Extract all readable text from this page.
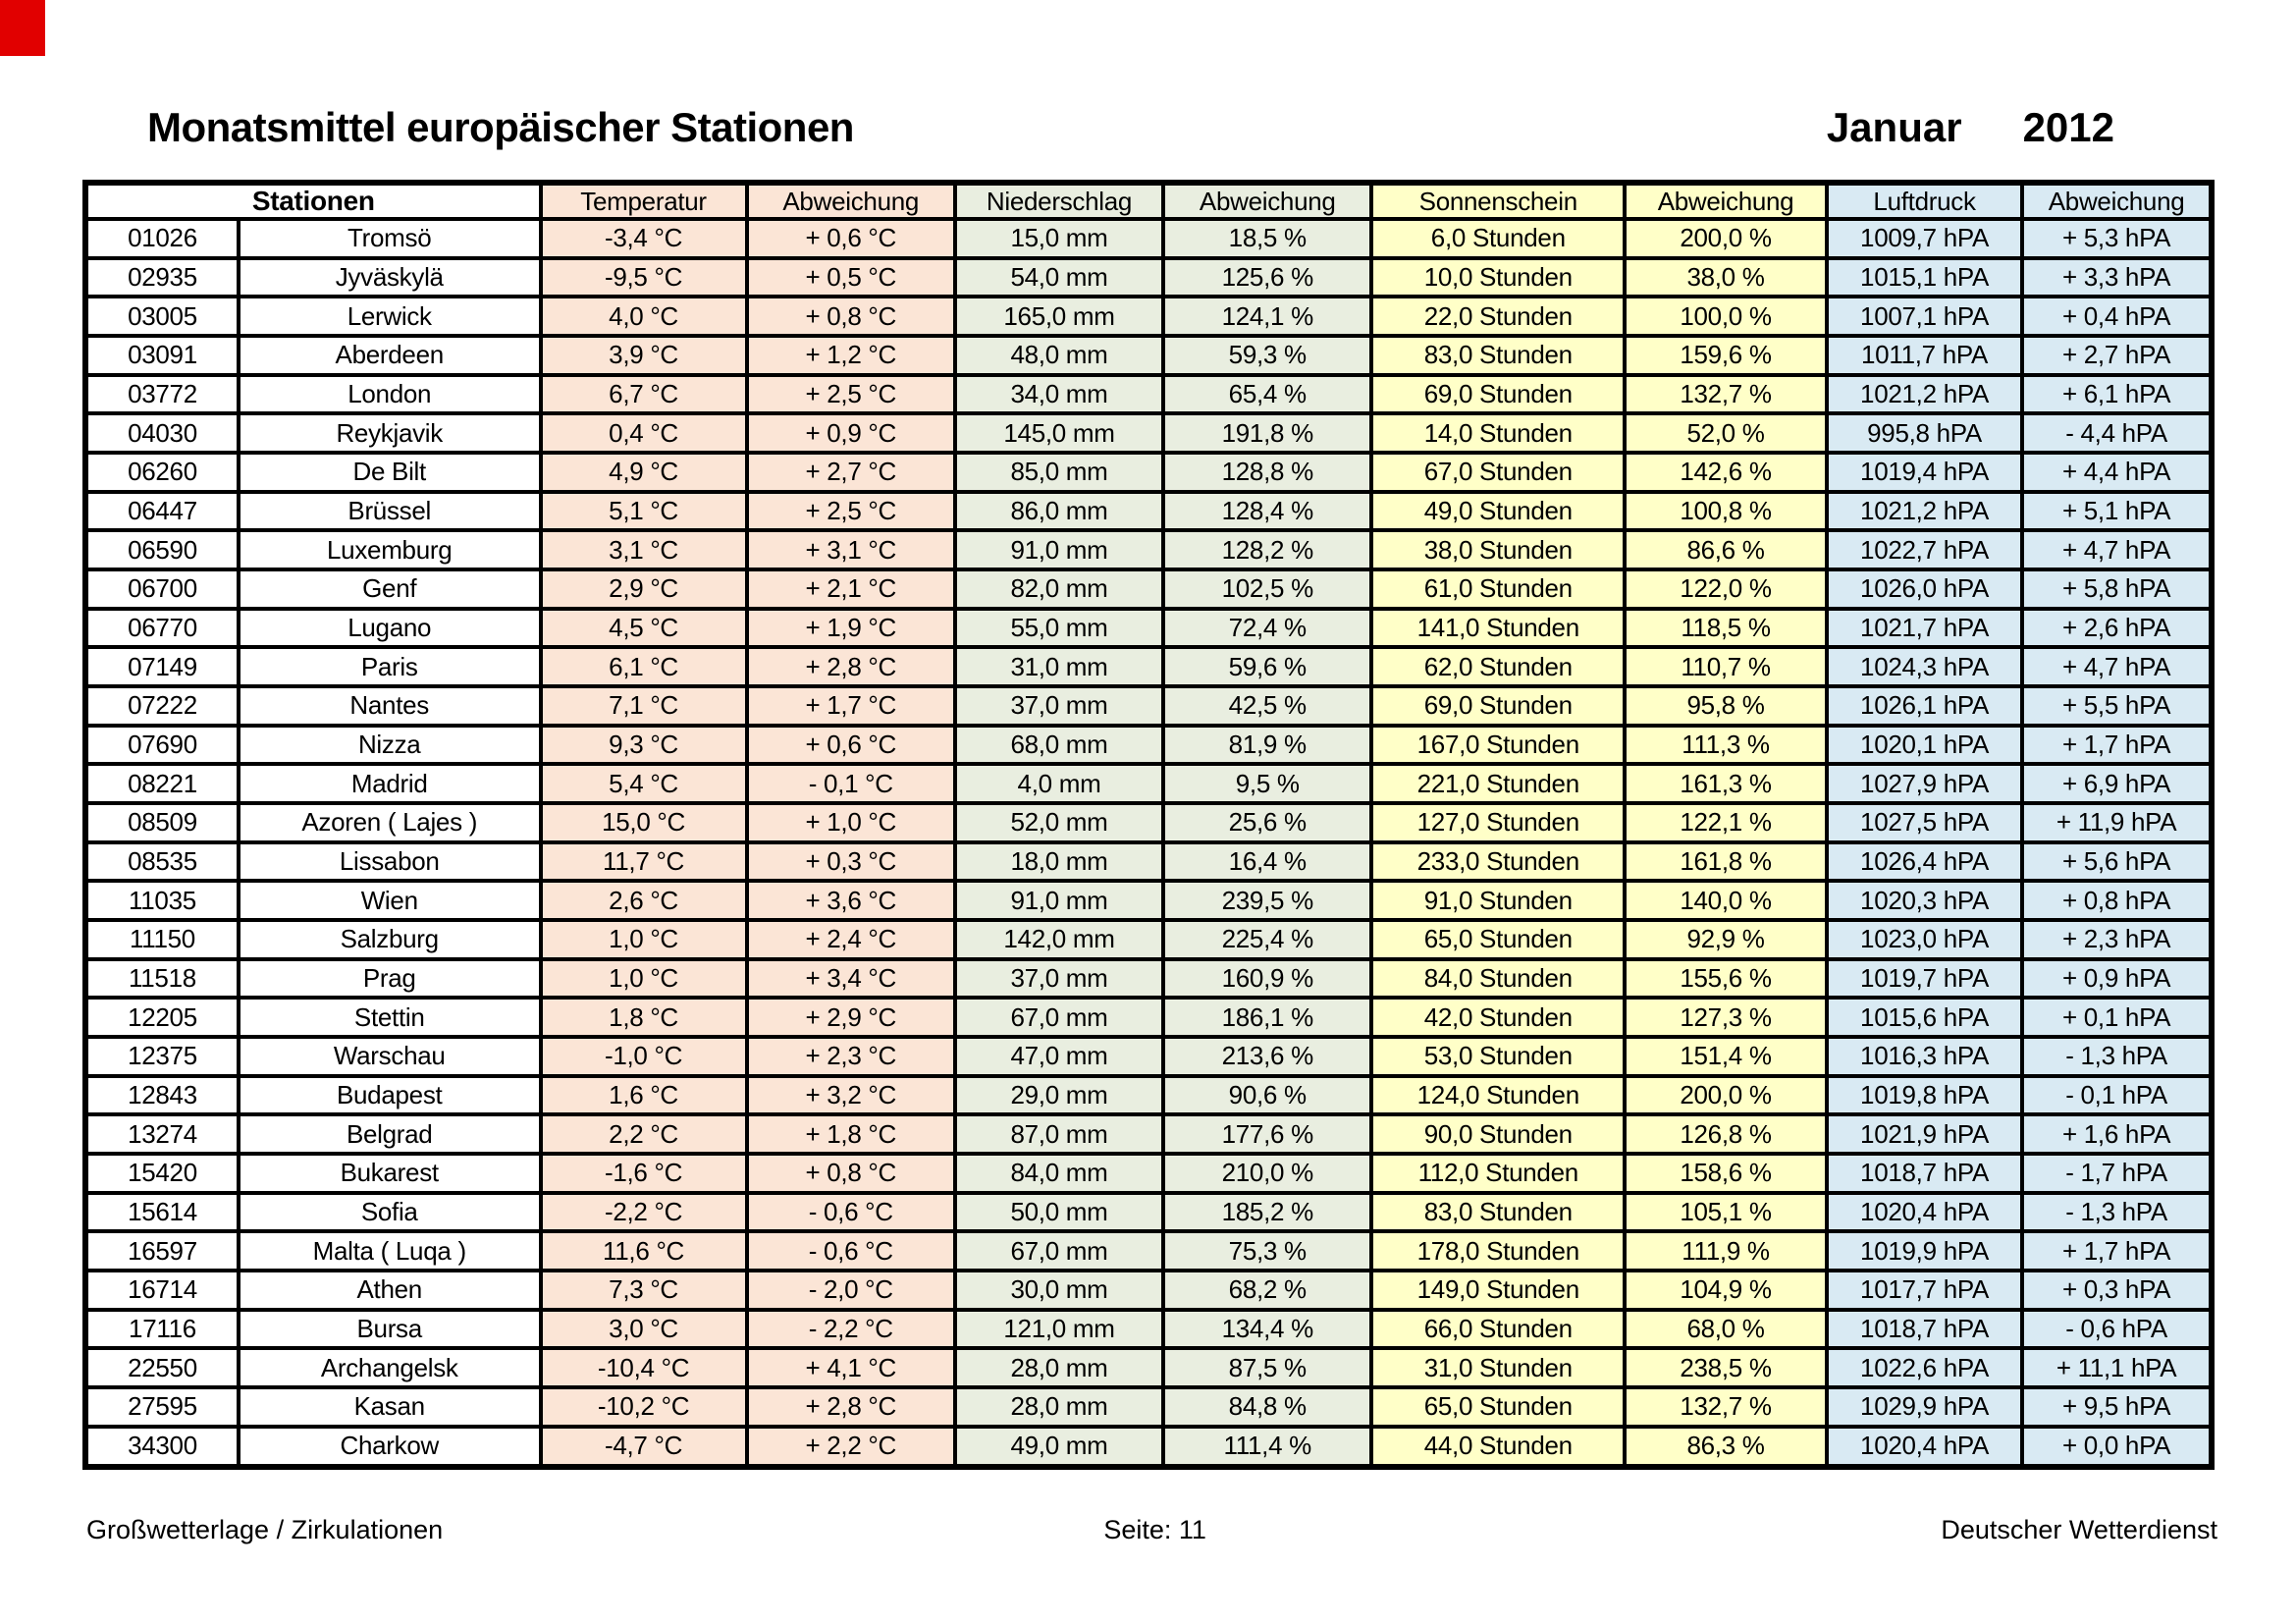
Monatsmittel europäischer Stationen	Januar 2012
Stationen		Temperatur	Abweichung	Niederschlag	Abweichung	Sonnenschein	Abweichung	Luftdruck	Abweichung
01026	Tromsö	-3,4 °C	+ 0,6 °C	15,0 mm	18,5 %	6,0 Stunden	200,0 %	1009,7 hPA	+ 5,3 hPA
02935	Jyväskylä	-9,5 °C	+ 0,5 °C	54,0 mm	125,6 %	10,0 Stunden	38,0 %	1015,1 hPA	+ 3,3 hPA
03005	Lerwick	4,0 °C	+ 0,8 °C	165,0 mm	124,1 %	22,0 Stunden	100,0 %	1007,1 hPA	+ 0,4 hPA
03091	Aberdeen	3,9 °C	+ 1,2 °C	48,0 mm	59,3 %	83,0 Stunden	159,6 %	1011,7 hPA	+ 2,7 hPA
03772	London	6,7 °C	+ 2,5 °C	34,0 mm	65,4 %	69,0 Stunden	132,7 %	1021,2 hPA	+ 6,1 hPA
04030	Reykjavik	0,4 °C	+ 0,9 °C	145,0 mm	191,8 %	14,0 Stunden	52,0 %	995,8 hPA	- 4,4 hPA
06260	De Bilt	4,9 °C	+ 2,7 °C	85,0 mm	128,8 %	67,0 Stunden	142,6 %	1019,4 hPA	+ 4,4 hPA
06447	Brüssel	5,1 °C	+ 2,5 °C	86,0 mm	128,4 %	49,0 Stunden	100,8 %	1021,2 hPA	+ 5,1 hPA
06590	Luxemburg	3,1 °C	+ 3,1 °C	91,0 mm	128,2 %	38,0 Stunden	86,6 %	1022,7 hPA	+ 4,7 hPA
06700	Genf	2,9 °C	+ 2,1 °C	82,0 mm	102,5 %	61,0 Stunden	122,0 %	1026,0 hPA	+ 5,8 hPA
06770	Lugano	4,5 °C	+ 1,9 °C	55,0 mm	72,4 %	141,0 Stunden	118,5 %	1021,7 hPA	+ 2,6 hPA
07149	Paris	6,1 °C	+ 2,8 °C	31,0 mm	59,6 %	62,0 Stunden	110,7 %	1024,3 hPA	+ 4,7 hPA
07222	Nantes	7,1 °C	+ 1,7 °C	37,0 mm	42,5 %	69,0 Stunden	95,8 %	1026,1 hPA	+ 5,5 hPA
07690	Nizza	9,3 °C	+ 0,6 °C	68,0 mm	81,9 %	167,0 Stunden	111,3 %	1020,1 hPA	+ 1,7 hPA
08221	Madrid	5,4 °C	- 0,1 °C	4,0 mm	9,5 %	221,0 Stunden	161,3 %	1027,9 hPA	+ 6,9 hPA
08509	Azoren ( Lajes )	15,0 °C	+ 1,0 °C	52,0 mm	25,6 %	127,0 Stunden	122,1 %	1027,5 hPA	+ 11,9 hPA
08535	Lissabon	11,7 °C	+ 0,3 °C	18,0 mm	16,4 %	233,0 Stunden	161,8 %	1026,4 hPA	+ 5,6 hPA
11035	Wien	2,6 °C	+ 3,6 °C	91,0 mm	239,5 %	91,0 Stunden	140,0 %	1020,3 hPA	+ 0,8 hPA
11150	Salzburg	1,0 °C	+ 2,4 °C	142,0 mm	225,4 %	65,0 Stunden	92,9 %	1023,0 hPA	+ 2,3 hPA
11518	Prag	1,0 °C	+ 3,4 °C	37,0 mm	160,9 %	84,0 Stunden	155,6 %	1019,7 hPA	+ 0,9 hPA
12205	Stettin	1,8 °C	+ 2,9 °C	67,0 mm	186,1 %	42,0 Stunden	127,3 %	1015,6 hPA	+ 0,1 hPA
12375	Warschau	-1,0 °C	+ 2,3 °C	47,0 mm	213,6 %	53,0 Stunden	151,4 %	1016,3 hPA	- 1,3 hPA
12843	Budapest	1,6 °C	+ 3,2 °C	29,0 mm	90,6 %	124,0 Stunden	200,0 %	1019,8 hPA	- 0,1 hPA
13274	Belgrad	2,2 °C	+ 1,8 °C	87,0 mm	177,6 %	90,0 Stunden	126,8 %	1021,9 hPA	+ 1,6 hPA
15420	Bukarest	-1,6 °C	+ 0,8 °C	84,0 mm	210,0 %	112,0 Stunden	158,6 %	1018,7 hPA	- 1,7 hPA
15614	Sofia	-2,2 °C	- 0,6 °C	50,0 mm	185,2 %	83,0 Stunden	105,1 %	1020,4 hPA	- 1,3 hPA
16597	Malta ( Luqa )	11,6 °C	- 0,6 °C	67,0 mm	75,3 %	178,0 Stunden	111,9 %	1019,9 hPA	+ 1,7 hPA
16714	Athen	7,3 °C	- 2,0 °C	30,0 mm	68,2 %	149,0 Stunden	104,9 %	1017,7 hPA	+ 0,3 hPA
17116	Bursa	3,0 °C	- 2,2 °C	121,0 mm	134,4 %	66,0 Stunden	68,0 %	1018,7 hPA	- 0,6 hPA
22550	Archangelsk	-10,4 °C	+ 4,1 °C	28,0 mm	87,5 %	31,0 Stunden	238,5 %	1022,6 hPA	+ 11,1 hPA
27595	Kasan	-10,2 °C	+ 2,8 °C	28,0 mm	84,8 %	65,0 Stunden	132,7 %	1029,9 hPA	+ 9,5 hPA
34300	Charkow	-4,7 °C	+ 2,2 °C	49,0 mm	111,4 %	44,0 Stunden	86,3 %	1020,4 hPA	+ 0,0 hPA
Großwetterlage / Zirkulationen	Seite: 11	Deutscher Wetterdienst
